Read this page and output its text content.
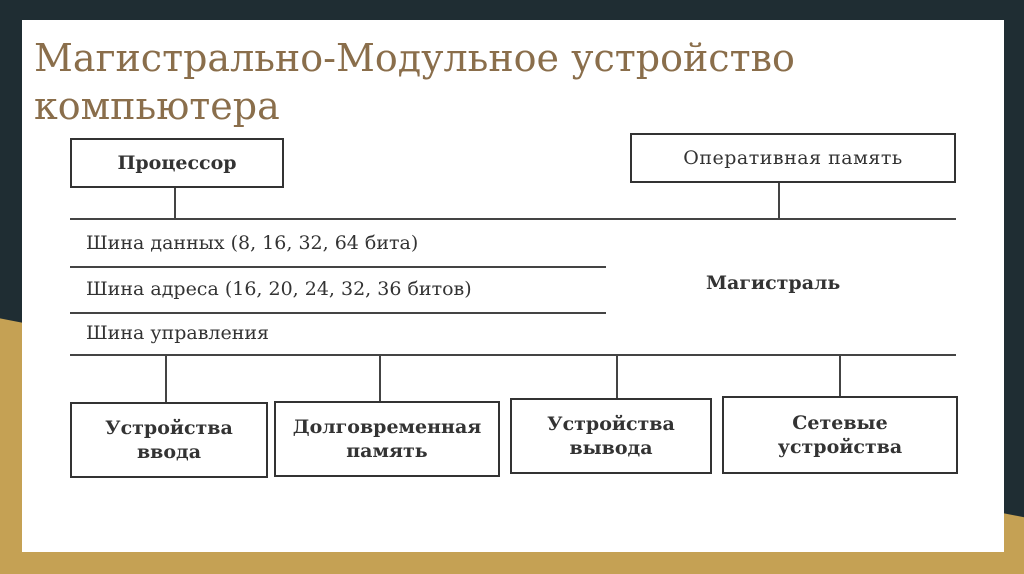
Магистрально-Модульное устройство компьютера
Процессор	Оперативная память
Шина данных (8, 16, 32, 64 бита)
Шина адреса (16, 20, 24, 32, 36 битов)
Шина управления
Магистраль
Устройства
ввода
Долговременная
память
Устройства
вывода
Сетевые
устройства
